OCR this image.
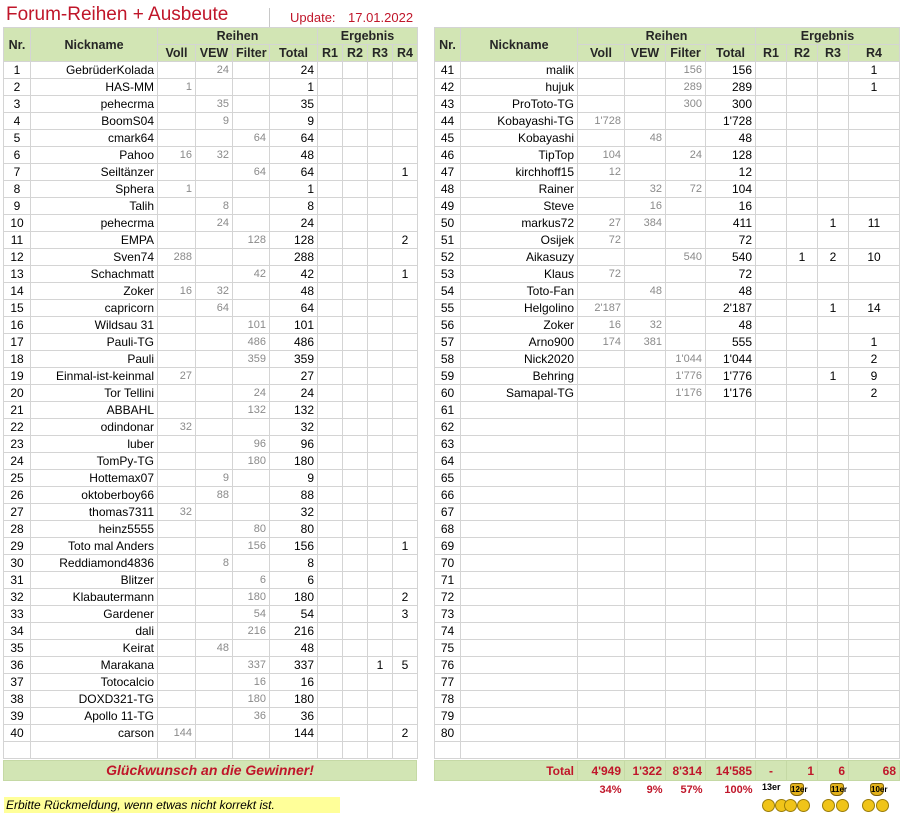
Forum-Reihen + Ausbeute	Update: 17.01.2022
Nr.	Nickname	Reihen				Ergebnis			
		Voll	VEW	Filter	Total	R1	R2	R3	R4
1	GebrüderKolada		24		24				
2	HAS-MM	1			1				
3	pehecrma		35		35				
4	BoomS04		9		9				
5	cmark64			64	64				
6	Pahoo	16	32		48				
7	Seiltänzer			64	64				1
8	Sphera	1			1				
9	Talih		8		8				
10	pehecrma		24		24				
11	EMPA			128	128				2
12	Sven74	288			288				
13	Schachmatt			42	42				1
14	Zoker	16	32		48				
15	capricorn		64		64				
16	Wildsau 31			101	101				
17	Pauli-TG			486	486				
18	Pauli			359	359				
19	Einmal-ist-keinmal	27			27				
20	Tor Tellini			24	24				
21	ABBAHL			132	132				
22	odindonar	32			32				
23	luber			96	96				
24	TomPy-TG			180	180				
25	Hottemax07		9		9				
26	oktoberboy66		88		88				
27	thomas7311	32			32				
28	heinz5555			80	80				
29	Toto mal Anders			156	156				1
30	Reddiamond4836		8		8				
31	Blitzer			6	6				
32	Klabautermann			180	180				2
33	Gardener			54	54				3
34	dali			216	216				
35	Keirat		48		48				
36	Marakana			337	337			1	5
37	Totocalcio			16	16				
38	DOXD321-TG			180	180				
39	Apollo 11-TG			36	36				
40	carson	144			144				2

Nr.	Nickname	Reihen				Ergebnis			
		Voll	VEW	Filter	Total	R1	R2	R3	R4
41	malik			156	156				1
42	hujuk			289	289				1
43	ProToto-TG			300	300				
44	Kobayashi-TG	1'728			1'728				
45	Kobayashi		48		48				
46	TipTop	104		24	128				
47	kirchhoff15	12			12				
48	Rainer		32	72	104				
49	Steve		16		16				
50	markus72	27	384		411			1	11
51	Osijek	72			72				
52	Aikasuzy			540	540		1	2	10
53	Klaus	72			72				
54	Toto-Fan		48		48				
55	Helgolino	2'187			2'187			1	14
56	Zoker	16	32		48				
57	Arno900	174	381		555				1
58	Nick2020			1'044	1'044				2
59	Behring			1'776	1'776			1	9
60	Samapal-TG			1'176	1'176				2
61									
62									
63									
64									
65									
66									
67									
68									
69									
70									
71									
72									
73									
74									
75									
76									
77									
78									
79									
80									

Glückwunsch an die Gewinner!
Erbitte Rückmeldung, wenn etwas nicht korrekt ist.
Total	4'949	1'322	8'314	14'585	-	1	6	68
	34%	9%	57%	100%				13er 12er	11er	10er
